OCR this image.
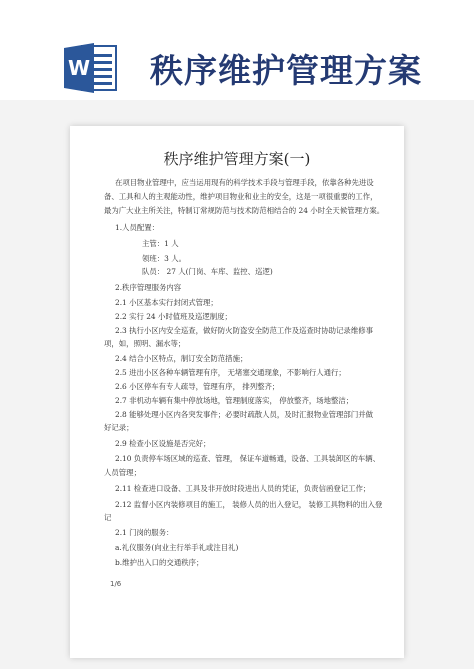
W 秩序维护管理方案
秩序维护管理方案(一)
在项目物业管理中，应当运用现有的科学技术手段与管理手段，依靠各种先进设
备、工具和人的主观能动性，维护项目物业和业主的安全，这是一项很重要的工作，
最为广大业主所关注，特制订常规防范与技术防范相结合的 24 小时全天候管理方案。
1.人员配置：
主管：1 人
领班：3 人。
队员： 27 人(门岗、车库、监控、巡逻)
2.秩序管理服务内容
2.1 小区基本实行封闭式管理；
2.2 实行 24 小时值班及巡逻制度；
2.3 执行小区内安全巡查，做好防火防盗安全防范工作及巡查时协助记录维修事
项，如，照明、漏水等；
2.4 结合小区特点，制订安全防范措施；
2.5 进出小区各种车辆管理有序， 无堵塞交通现象，不影响行人通行；
2.6 小区停车有专人疏导，管理有序， 排列整齐；
2.7 非机动车辆有集中停放场地，管理制度落实， 停放整齐，场地整洁；
2.8 能够处理小区内各突发事件；必要时疏散人员，及时汇报物业管理部门并做
好记录；
2.9 检查小区设施是否完好；
2.10 负责停车场区域的巡查、管理， 保证车道畅通，设备、工具装卸区的车辆、
人员管理；
2.11 检查进口设备、工具及非开放时段进出人员的凭证，负责信函登记工作；
2.12 监督小区内装修项目的施工， 装修人员的出入登记， 装修工具物料的出入登
记
2.1 门岗的服务：
a.礼仪服务(向业主行举手礼或注目礼)
b.维护出入口的交通秩序；
1/6
